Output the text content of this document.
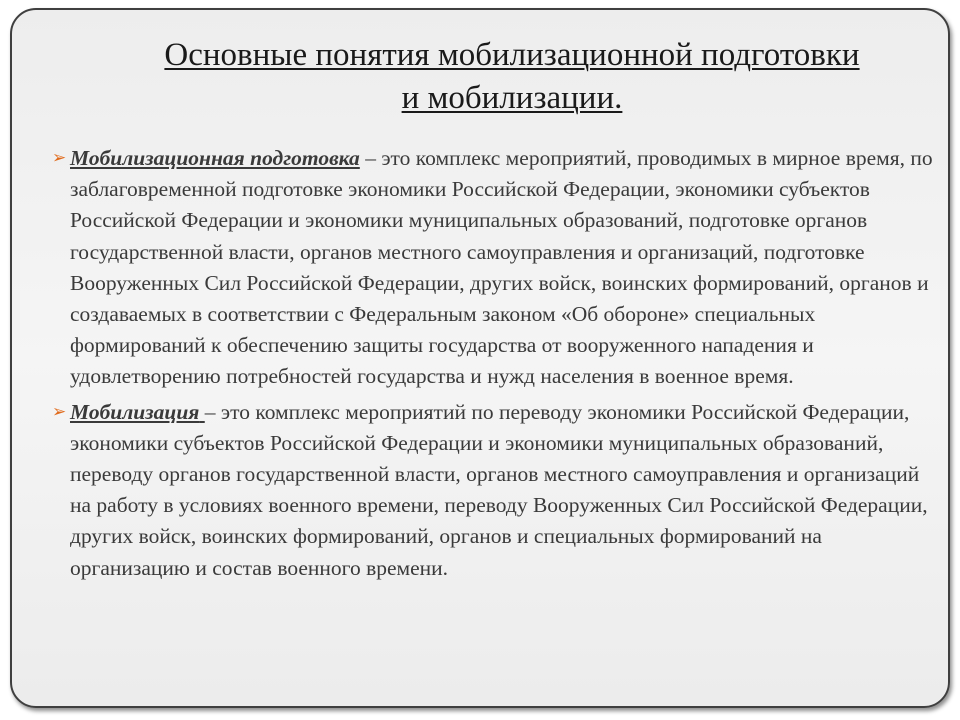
Основные понятия мобилизационной подготовки
и мобилизации.
➢ Мобилизационная подготовка – это комплекс мероприятий, проводимых в мирное время, по заблаговременной подготовке экономики Российской Федерации, экономики субъектов Российской Федерации и экономики муниципальных образований, подготовке органов государственной власти, органов местного самоуправления и организаций, подготовке Вооруженных Сил Российской Федерации, других войск, воинских формирований, органов и создаваемых в соответствии с Федеральным законом «Об обороне» специальных формирований к обеспечению защиты государства от вооруженного нападения и удовлетворению потребностей государства и нужд населения в военное время.
➢ Мобилизация – это комплекс мероприятий по переводу экономики Российской Федерации, экономики субъектов Российской Федерации и экономики муниципальных образований, переводу органов государственной власти, органов местного самоуправления и организаций на работу в условиях военного времени, переводу Вооруженных Сил Российской Федерации, других войск, воинских формирований, органов и специальных формирований на организацию и состав военного времени.
